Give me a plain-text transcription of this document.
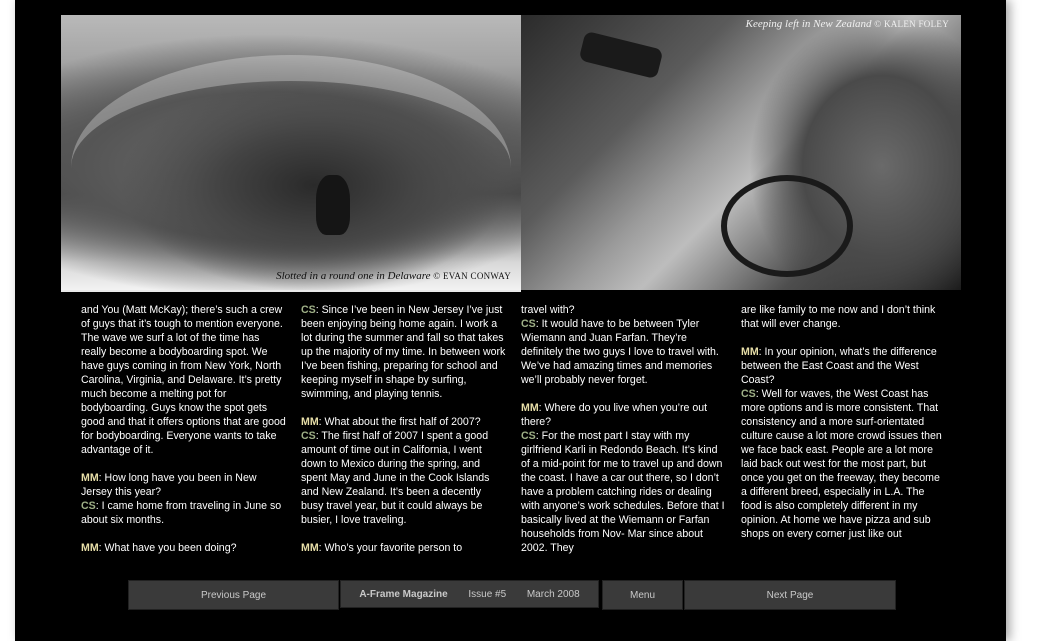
Slotted in a round one in Delaware © EVAN CONWAY
Keeping left in New Zealand © KALEN FOLEY

and You (Matt McKay); there’s such a crew of guys that it’s tough to mention everyone. The wave we surf a lot of the time has really become a bodyboarding spot. We have guys coming in from New York, North Carolina, Virginia, and Delaware. It’s pretty much become a melting pot for bodyboarding. Guys know the spot gets good and that it offers options that are good for bodyboarding. Everyone wants to take advantage of it.

MM: How long have you been in New Jersey this year?

CS: I came home from traveling in June so about six months.

MM: What have you been doing?

CS: Since I’ve been in New Jersey I’ve just been enjoying being home again. I work a lot during the summer and fall so that takes up the majority of my time. In between work I’ve been fishing, preparing for school and keeping myself in shape by surfing, swimming, and playing tennis.

MM: What about the first half of 2007?

CS: The first half of 2007 I spent a good amount of time out in California, I went down to Mexico during the spring, and spent May and June in the Cook Islands and New Zealand. It’s been a decently busy travel year, but it could always be busier, I love traveling.

MM: Who’s your favorite person to

travel with?

CS: It would have to be between Tyler Wiemann and Juan Farfan. They’re definitely the two guys I love to travel with. We’ve had amazing times and memories we’ll probably never forget.

MM: Where do you live when you’re out there?

CS: For the most part I stay with my girlfriend Karli in Redondo Beach. It’s kind of a mid-point for me to travel up and down the coast. I have a car out there, so I don’t have a problem catching rides or dealing with anyone’s work schedules. Before that I basically lived at the Wiemann or Farfan households from Nov- Mar since about 2002. They

are like family to me now and I don’t think that will ever change.

MM: In your opinion, what’s the difference between the East Coast and the West Coast?

CS: Well for waves, the West Coast has more options and is more consistent. That consistency and a more surf-orientated culture cause a lot more crowd issues then we face back east. People are a lot more laid back out west for the most part, but once you get on the freeway, they become a different breed, especially in L.A. The food is also completely different in my opinion. At home we have pizza and sub shops on every corner just like out

Previous Page	A-Frame Magazine Issue #5 March 2008	Menu	Next Page
